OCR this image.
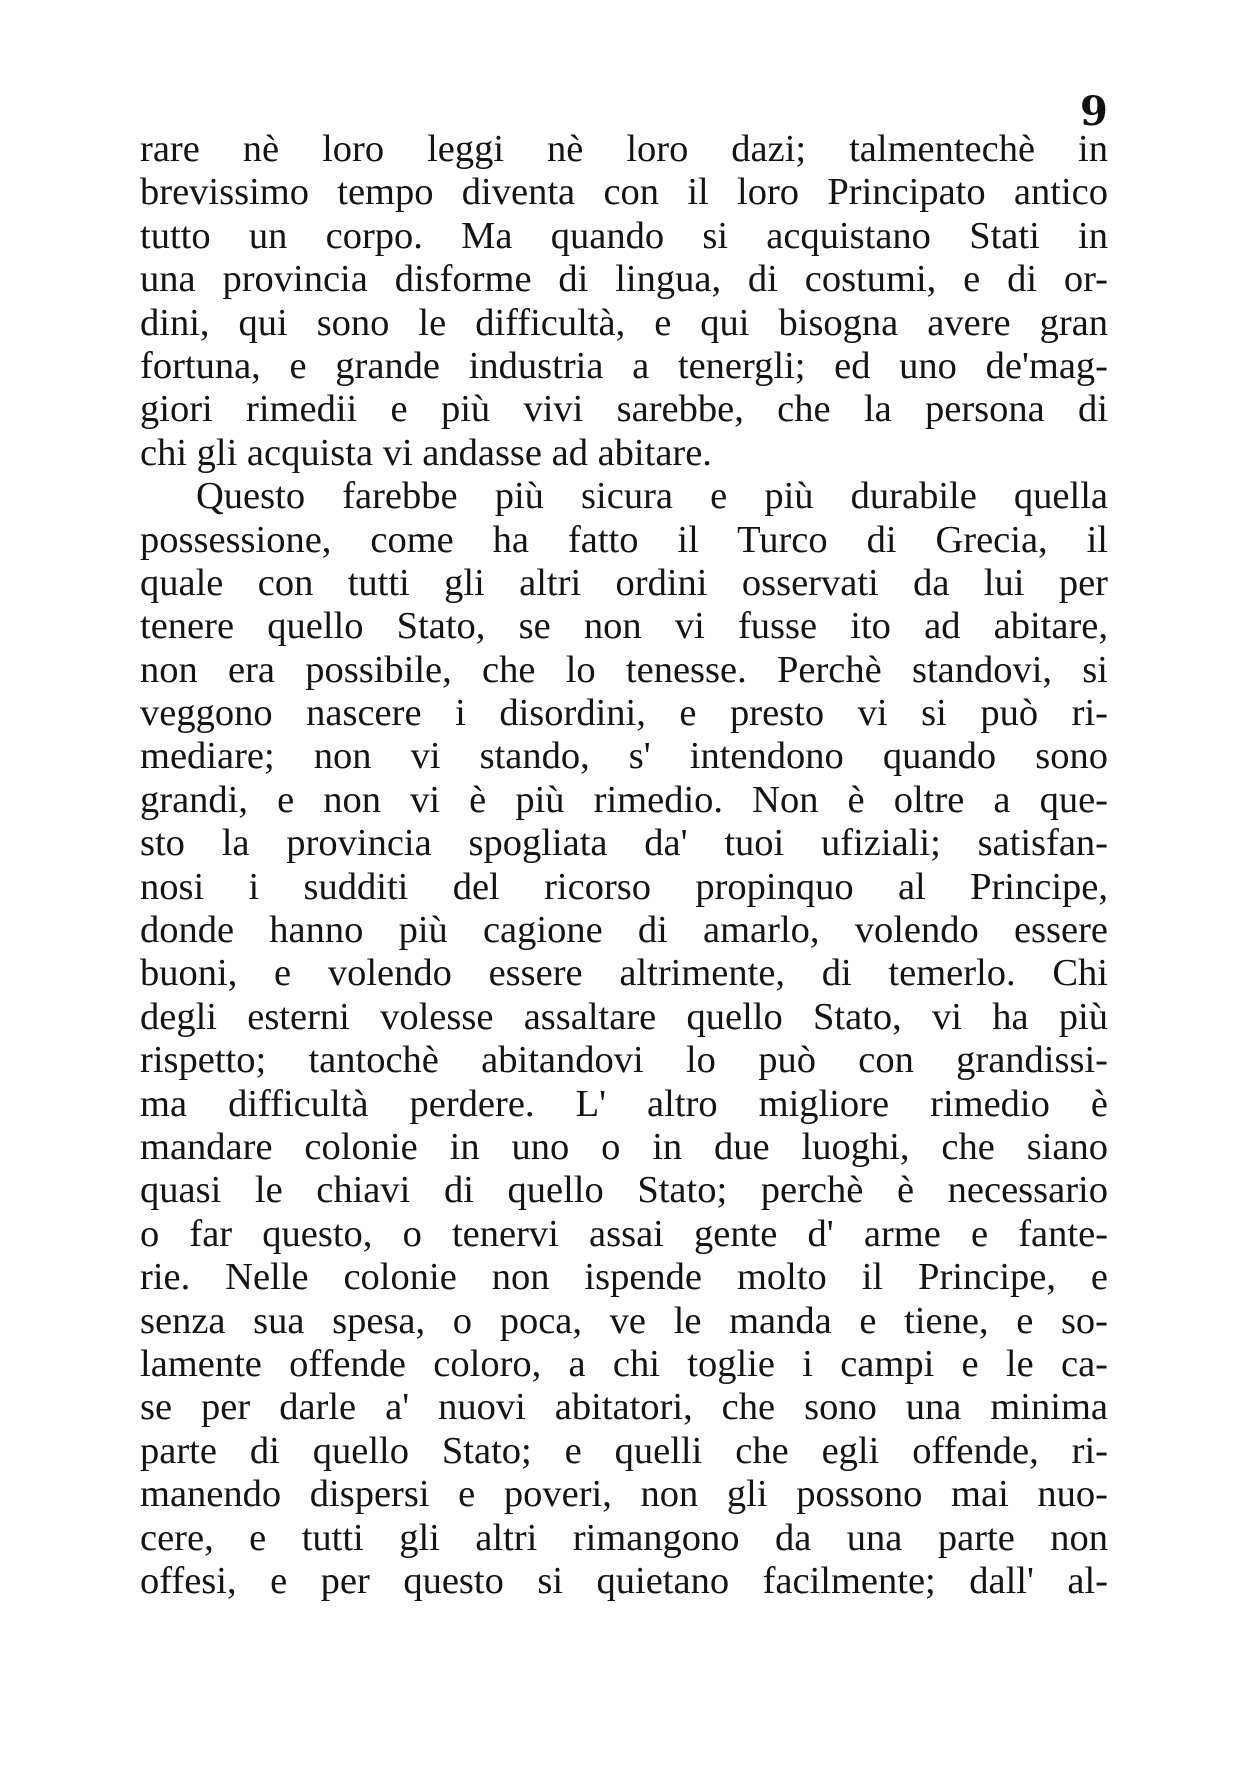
9
rare nè loro leggi nè loro dazi; talmentechè in
brevissimo tempo diventa con il loro Principato antico
tutto un corpo. Ma quando si acquistano Stati in
una provincia disforme di lingua, di costumi, e di or-
dini, qui sono le difficultà, e qui bisogna avere gran
fortuna, e grande industria a tenergli; ed uno de'mag-
giori rimedii e più vivi sarebbe, che la persona di
chi gli acquista vi andasse ad abitare.
Questo farebbe più sicura e più durabile quella
possessione, come ha fatto il Turco di Grecia, il
quale con tutti gli altri ordini osservati da lui per
tenere quello Stato, se non vi fusse ito ad abitare,
non era possibile, che lo tenesse. Perchè standovi, si
veggono nascere i disordini, e presto vi si può ri-
mediare; non vi stando, s' intendono quando sono
grandi, e non vi è più rimedio. Non è oltre a que-
sto la provincia spogliata da' tuoi ufiziali; satisfan-
nosi i sudditi del ricorso propinquo al Principe,
donde hanno più cagione di amarlo, volendo essere
buoni, e volendo essere altrimente, di temerlo. Chi
degli esterni volesse assaltare quello Stato, vi ha più
rispetto; tantochè abitandovi lo può con grandissi-
ma difficultà perdere. L' altro migliore rimedio è
mandare colonie in uno o in due luoghi, che siano
quasi le chiavi di quello Stato; perchè è necessario
o far questo, o tenervi assai gente d' arme e fante-
rie. Nelle colonie non ispende molto il Principe, e
senza sua spesa, o poca, ve le manda e tiene, e so-
lamente offende coloro, a chi toglie i campi e le ca-
se per darle a' nuovi abitatori, che sono una minima
parte di quello Stato; e quelli che egli offende, ri-
manendo dispersi e poveri, non gli possono mai nuo-
cere, e tutti gli altri rimangono da una parte non
offesi, e per questo si quietano facilmente; dall' al-
